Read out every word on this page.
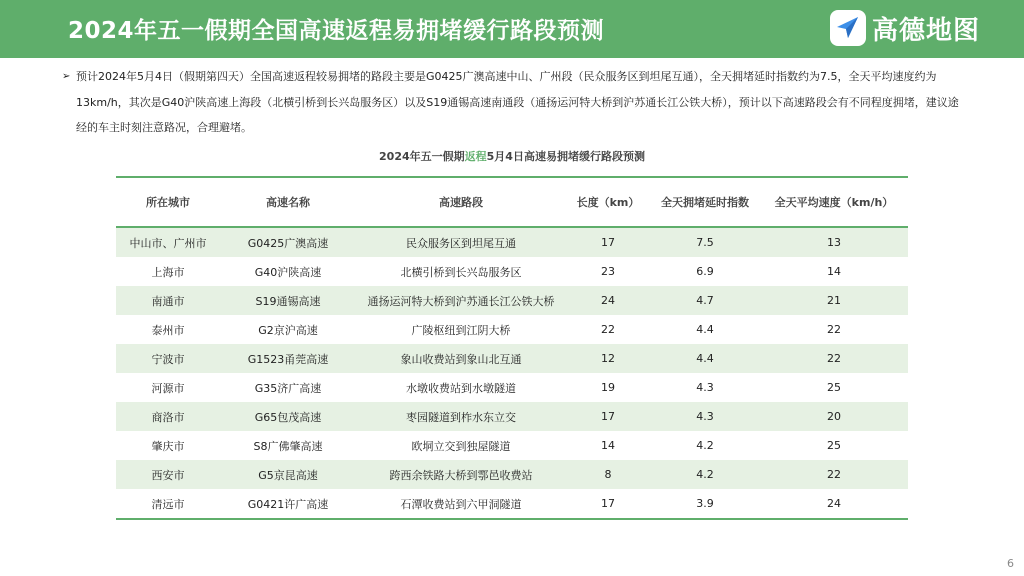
2024年五一假期全国高速返程易拥堵缓行路段预测	高德地图
➢ 预计2024年5月4日（假期第四天）全国高速返程较易拥堵的路段主要是G0425广澳高速中山、广州段（民众服务区到坦尾互通），全天拥堵延时指数约为7.5，全天平均速度约为13km/h，其次是G40沪陕高速上海段（北横引桥到长兴岛服务区）以及S19通锡高速南通段（通扬运河特大桥到沪苏通长江公铁大桥），预计以下高速路段会有不同程度拥堵，建议途经的车主时刻注意路况，合理避堵。
2024年五一假期返程5月4日高速易拥堵缓行路段预测
所在城市	高速名称	高速路段	长度（km）	全天拥堵延时指数	全天平均速度（km/h）
中山市、广州市	G0425广澳高速	民众服务区到坦尾互通	17	7.5	13
上海市	G40沪陕高速	北横引桥到长兴岛服务区	23	6.9	14
南通市	S19通锡高速	通扬运河特大桥到沪苏通长江公铁大桥	24	4.7	21
泰州市	G2京沪高速	广陵枢纽到江阴大桥	22	4.4	22
宁波市	G1523甬莞高速	象山收费站到象山北互通	12	4.4	22
河源市	G35济广高速	水墩收费站到水墩隧道	19	4.3	25
商洛市	G65包茂高速	枣园隧道到柞水东立交	17	4.3	20
肇庆市	S8广佛肇高速	欧垌立交到独屋隧道	14	4.2	25
西安市	G5京昆高速	跨西余铁路大桥到鄠邑收费站	8	4.2	22
清远市	G0421许广高速	石潭收费站到六甲洞隧道	17	3.9	24
6
